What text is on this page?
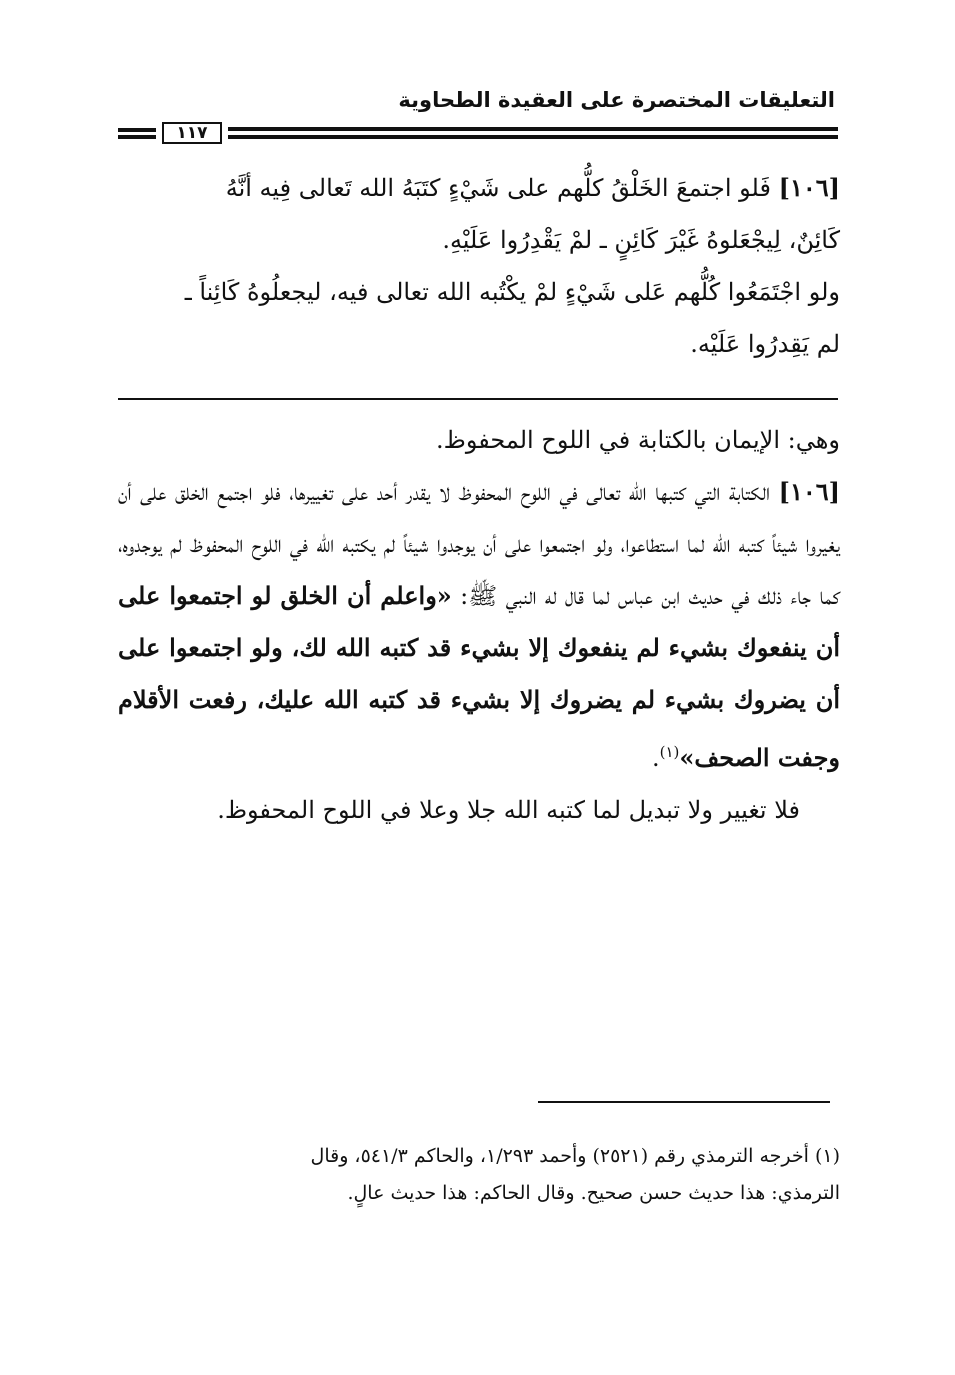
التعليقات المختصرة على العقيدة الطحاوية
١١٧

[١٠٦] فَلو اجتمعَ الخَلْقُ كلُّهم على شَيْءٍ كتَبَهُ الله تَعالى فِيه أنَّهُ

كَائِنٌ، لِيجْعَلوهُ غَيْرَ كَائِنٍ ـ لمْ يَقْدِرُوا عَلَيْهِ.

ولو اجْتَمَعُوا كُلُّهم عَلى شَيْءٍ لمْ يكْتُبه الله تعالى فيه، ليجعلُوهُ كَائِناً ـ

لم يَقِدرُوا عَلَيْه.

وهي: الإيمان بالكتابة في اللوح المحفوظ.

[١٠٦] الكتابة التي كتبها الله تعالى في اللوح المحفوظ لا يقدر أحد على تغييرها، فلو اجتمع الخلق على أن يغيروا شيئاً كتبه الله لما استطاعوا، ولو اجتمعوا على أن يوجدوا شيئاً لم يكتبه الله في اللوح المحفوظ لم يوجدوه، كما جاء ذلك في حديث ابن عباس لما قال له النبي ﷺ: «واعلم أن الخلق لو اجتمعوا على أن ينفعوك بشيء لم ينفعوك إلا بشيء قد كتبه الله لك، ولو اجتمعوا على أن يضروك بشيء لم يضروك إلا بشيء قد كتبه الله عليك، رفعت الأقلام وجفت الصحف»$^{(١)}$.

فلا تغيير ولا تبديل لما كتبه الله جلا وعلا في اللوح المحفوظ.

(١) أخرجه الترمذي رقم (٢٥٢١) وأحمد ١/٢٩٣، والحاكم ٥٤١/٣، وقال

الترمذي: هذا حديث حسن صحيح. وقال الحاكم: هذا حديث عالٍ.
